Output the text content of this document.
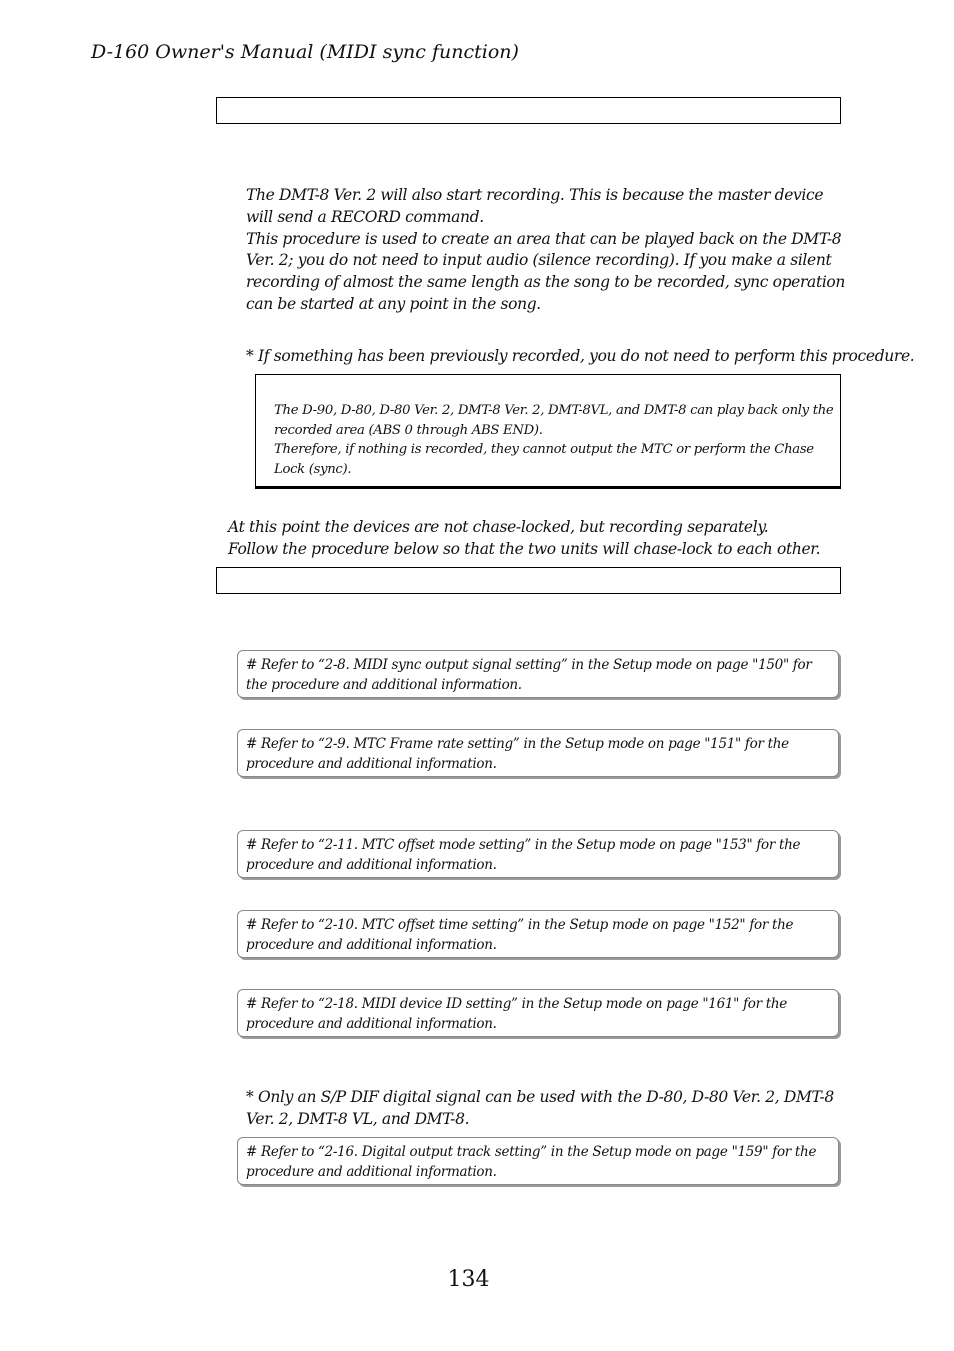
D-160 Owner's Manual (MIDI sync function)

The DMT-8 Ver. 2 will also start recording. This is because the master device will send a RECORD command.

This procedure is used to create an area that can be played back on the DMT-8 Ver. 2; you do not need to input audio (silence recording). If you make a silent recording of almost the same length as the song to be recorded, sync operation can be started at any point in the song.

* If something has been previously recorded, you do not need to perform this procedure.

The D-90, D-80, D-80 Ver. 2, DMT-8 Ver. 2, DMT-8VL, and DMT-8 can play back only the recorded area (ABS 0 through ABS END).

Therefore, if nothing is recorded, they cannot output the MTC or perform the Chase Lock (sync).

At this point the devices are not chase-locked, but recording separately.

Follow the procedure below so that the two units will chase-lock to each other.

# Refer to “2-8. MIDI sync output signal setting” in the Setup mode on page "150" for the procedure and additional information.
# Refer to “2-9. MTC Frame rate setting” in the Setup mode on page "151" for the procedure and additional information.
# Refer to “2-11. MTC offset mode setting” in the Setup mode on page "153" for the procedure and additional information.
# Refer to “2-10. MTC offset time setting” in the Setup mode on page "152" for the procedure and additional information.
# Refer to “2-18. MIDI device ID setting” in the Setup mode on page "161" for the procedure and additional information.
* Only an S/P DIF digital signal can be used with the D-80, D-80 Ver. 2, DMT-8 Ver. 2, DMT-8 VL, and DMT-8.
# Refer to “2-16. Digital output track setting” in the Setup mode on page "159" for the procedure and additional information.
134
